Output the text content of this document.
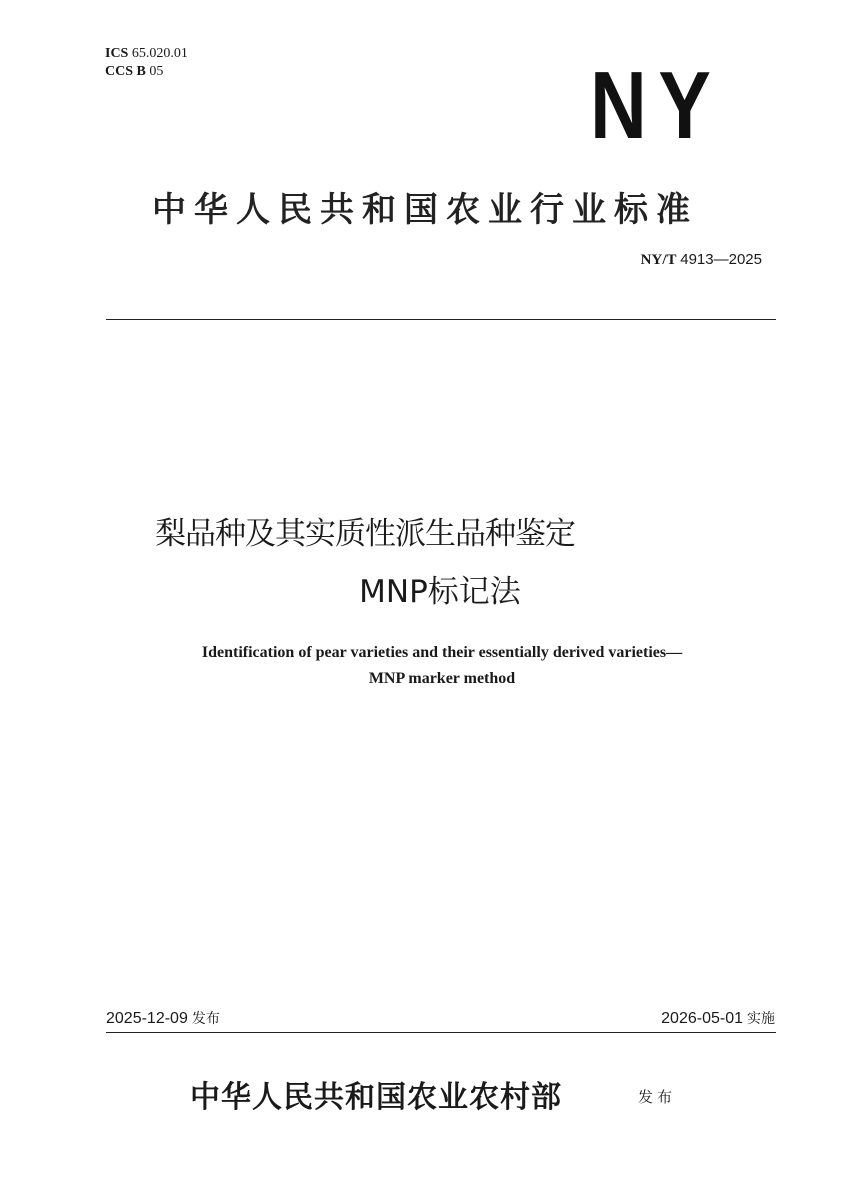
ICS 65.020.01
CCS B 05	NY
中华人民共和国农业行业标准
NY/T 4913—2025
梨品种及其实质性派生品种鉴定
MNP标记法
Identification of pear varieties and their essentially derived varieties—
MNP marker method
2025-12-09 发布	2026-05-01 实施
中华人民共和国农业农村部	发布
